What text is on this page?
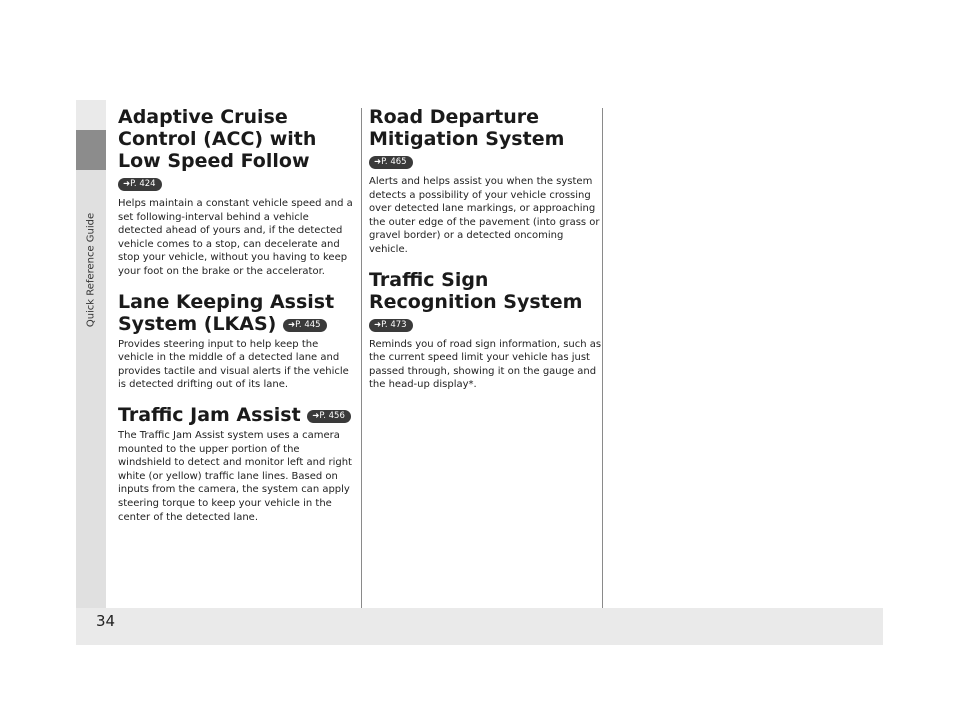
Quick Reference Guide
Adaptive Cruise Control (ACC) with Low Speed Follow ➜P. 424

Helps maintain a constant vehicle speed and a set following-interval behind a vehicle detected ahead of yours and, if the detected vehicle comes to a stop, can decelerate and stop your vehicle, without you having to keep your foot on the brake or the accelerator.

Lane Keeping Assist System (LKAS) ➜P. 445

Provides steering input to help keep the vehicle in the middle of a detected lane and provides tactile and visual alerts if the vehicle is detected drifting out of its lane.

Traffic Jam Assist ➜P. 456

The Traffic Jam Assist system uses a camera mounted to the upper portion of the windshield to detect and monitor left and right white (or yellow) traffic lane lines. Based on inputs from the camera, the system can apply steering torque to keep your vehicle in the center of the detected lane.

Road Departure Mitigation System ➜P. 465

Alerts and helps assist you when the system detects a possibility of your vehicle crossing over detected lane markings, or approaching the outer edge of the pavement (into grass or gravel border) or a detected oncoming vehicle.

Traffic Sign Recognition System ➜P. 473

Reminds you of road sign information, such as the current speed limit your vehicle has just passed through, showing it on the gauge and the head-up display*.

34
